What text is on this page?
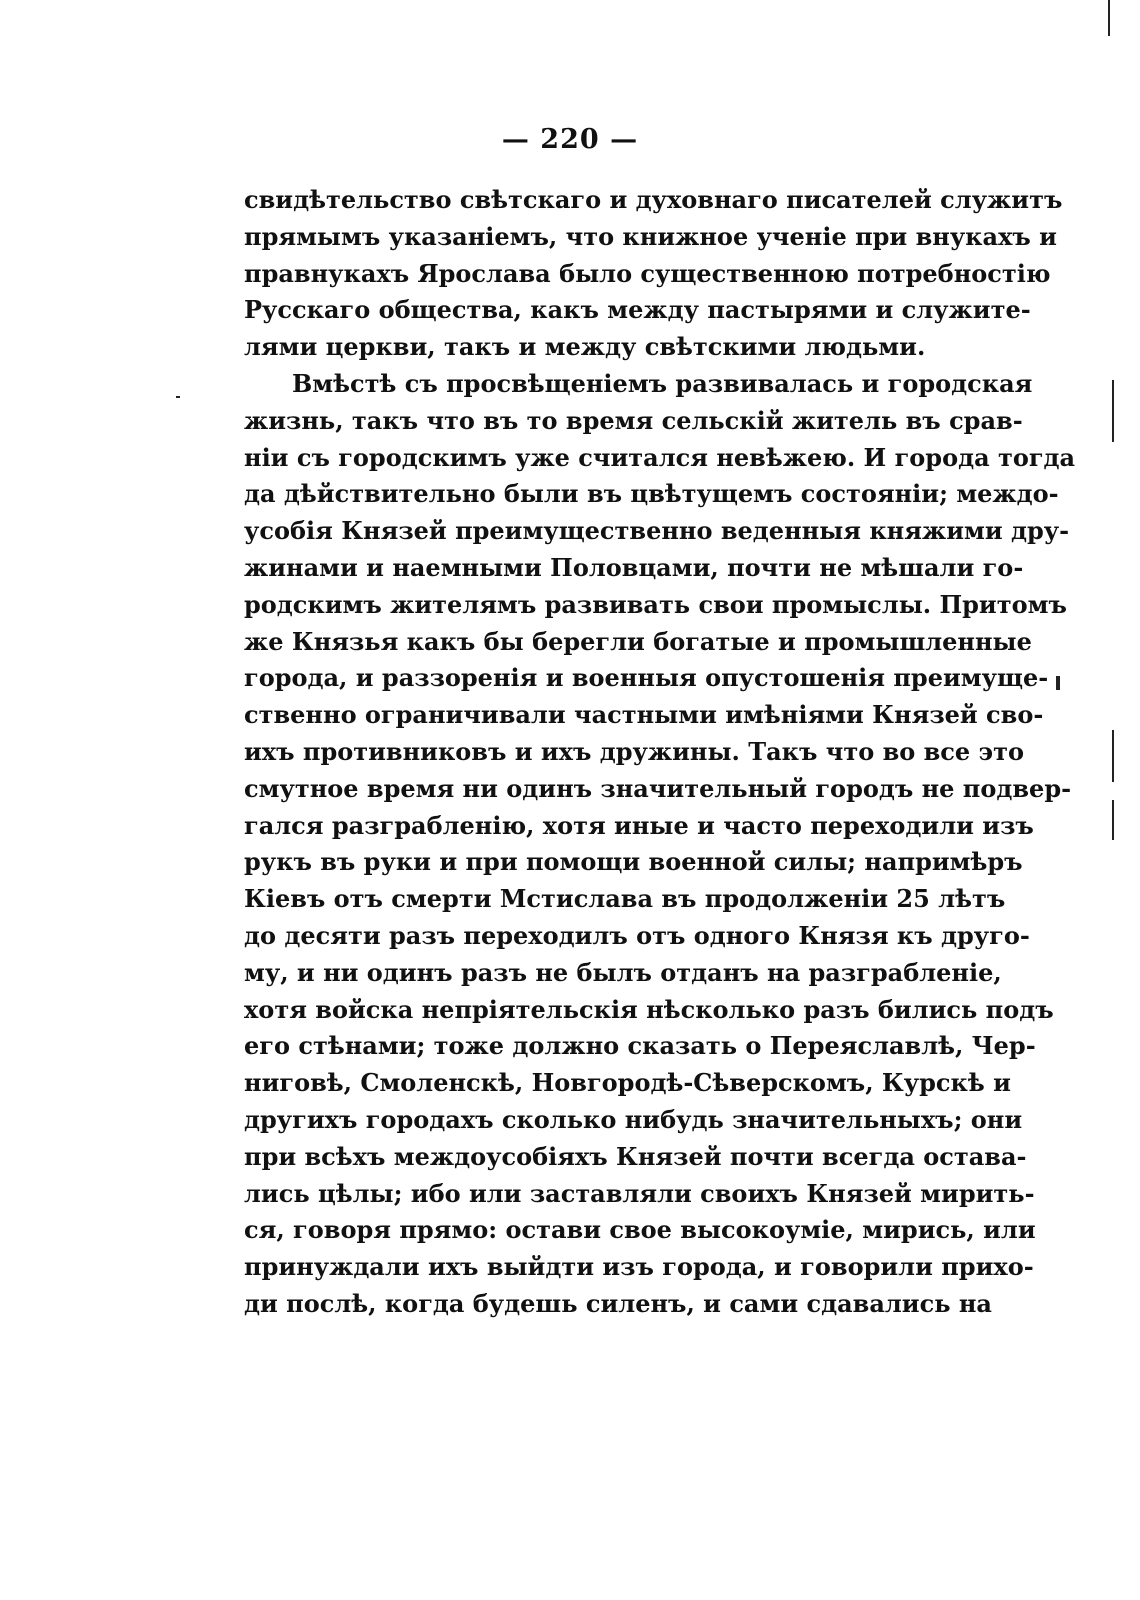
— 220 —
свидѣтельство свѣтскаго и духовнаго писателей служитъ
прямымъ указаніемъ, что книжное ученіе при внукахъ и
правнукахъ Ярослава было существенною потребностію
Русскаго общества, какъ между пастырями и служите-
лями церкви, такъ и между свѣтскими людьми.
Вмѣстѣ съ просвѣщеніемъ развивалась и городская
жизнь, такъ что въ то время сельскій житель въ срав-
ніи съ городскимъ уже считался невѣжею. И города тогда
да дѣйствительно были въ цвѣтущемъ состояніи; междо-
усобія Князей преимущественно веденныя княжими дру-
жинами и наемными Половцами, почти не мѣшали го-
родскимъ жителямъ развивать свои промыслы. Притомъ
же Князья какъ бы берегли богатые и промышленные
города, и раззоренія и военныя опустошенія преимуще-
ственно ограничивали частными имѣніями Князей сво-
ихъ противниковъ и ихъ дружины. Такъ что во все это
смутное время ни одинъ значительный городъ не подвер-
гался разграбленію, хотя иные и часто переходили изъ
рукъ въ руки и при помощи военной силы; напримѣръ
Кіевъ отъ смерти Мстислава въ продолженіи 25 лѣтъ
до десяти разъ переходилъ отъ одного Князя къ друго-
му, и ни одинъ разъ не былъ отданъ на разграбленіе,
хотя войска непріятельскія нѣсколько разъ бились подъ
его стѣнами; тоже должно сказать о Переяславлѣ, Чер-
ниговѣ, Смоленскѣ, Новгородѣ-Сѣверскомъ, Курскѣ и
другихъ городахъ сколько нибудь значительныхъ; они
при всѣхъ междоусобіяхъ Князей почти всегда остава-
лись цѣлы; ибо или заставляли своихъ Князей мирить-
ся, говоря прямо: остави свое высокоуміе, мирись, или
принуждали ихъ выйдти изъ города, и говорили прихо-
ди послѣ, когда будешь силенъ, и сами сдавались на
